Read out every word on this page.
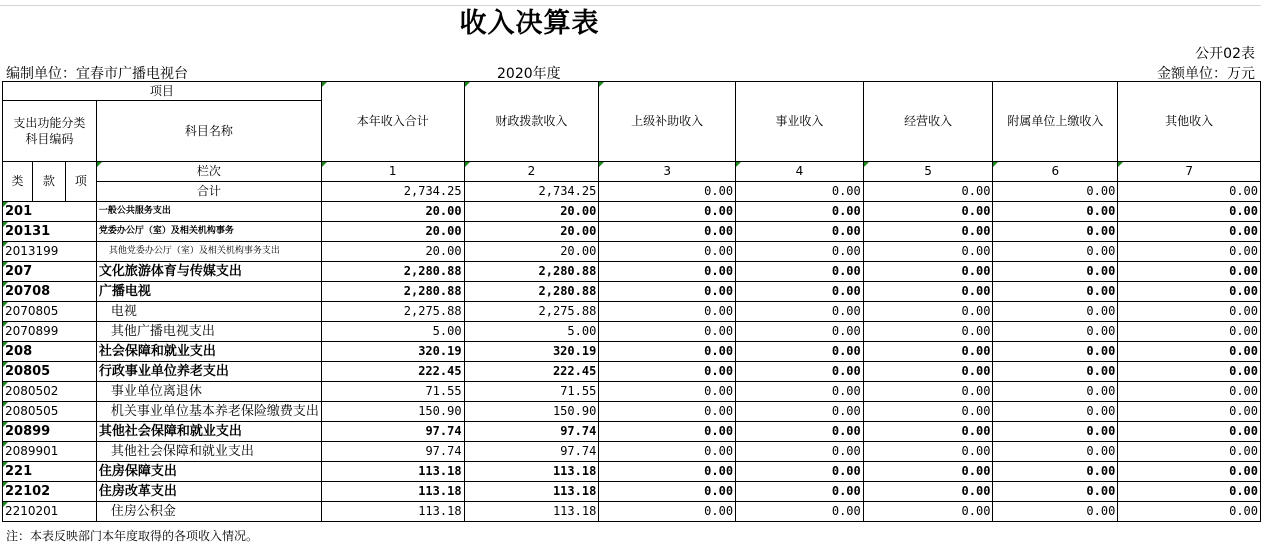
收入决算表
公开02表
编制单位：宜春市广播电视台	2020年度	金额单位：万元
项目				本年收入合计	财政拨款收入	上级补助收入	事业收入	经营收入	附属单位上缴收入	其他收入
支出功能分类
科目编码			科目名称							

类	款	项	栏次	1	2	3	4	5	6	7
			合计	2,734.25	2,734.25	0.00	0.00	0.00	0.00	0.00
201			一般公共服务支出	20.00	20.00	0.00	0.00	0.00	0.00	0.00
20131			党委办公厅（室）及相关机构事务	20.00	20.00	0.00	0.00	0.00	0.00	0.00
2013199			其他党委办公厅（室）及相关机构事务支出	20.00	20.00	0.00	0.00	0.00	0.00	0.00
207			文化旅游体育与传媒支出	2,280.88	2,280.88	0.00	0.00	0.00	0.00	0.00
20708			广播电视	2,280.88	2,280.88	0.00	0.00	0.00	0.00	0.00
2070805			电视	2,275.88	2,275.88	0.00	0.00	0.00	0.00	0.00
2070899			其他广播电视支出	5.00	5.00	0.00	0.00	0.00	0.00	0.00
208			社会保障和就业支出	320.19	320.19	0.00	0.00	0.00	0.00	0.00
20805			行政事业单位养老支出	222.45	222.45	0.00	0.00	0.00	0.00	0.00
2080502			事业单位离退休	71.55	71.55	0.00	0.00	0.00	0.00	0.00
2080505			机关事业单位基本养老保险缴费支出	150.90	150.90	0.00	0.00	0.00	0.00	0.00
20899			其他社会保障和就业支出	97.74	97.74	0.00	0.00	0.00	0.00	0.00
2089901			其他社会保障和就业支出	97.74	97.74	0.00	0.00	0.00	0.00	0.00
221			住房保障支出	113.18	113.18	0.00	0.00	0.00	0.00	0.00
22102			住房改革支出	113.18	113.18	0.00	0.00	0.00	0.00	0.00
2210201			住房公积金	113.18	113.18	0.00	0.00	0.00	0.00	0.00
注：本表反映部门本年度取得的各项收入情况。
